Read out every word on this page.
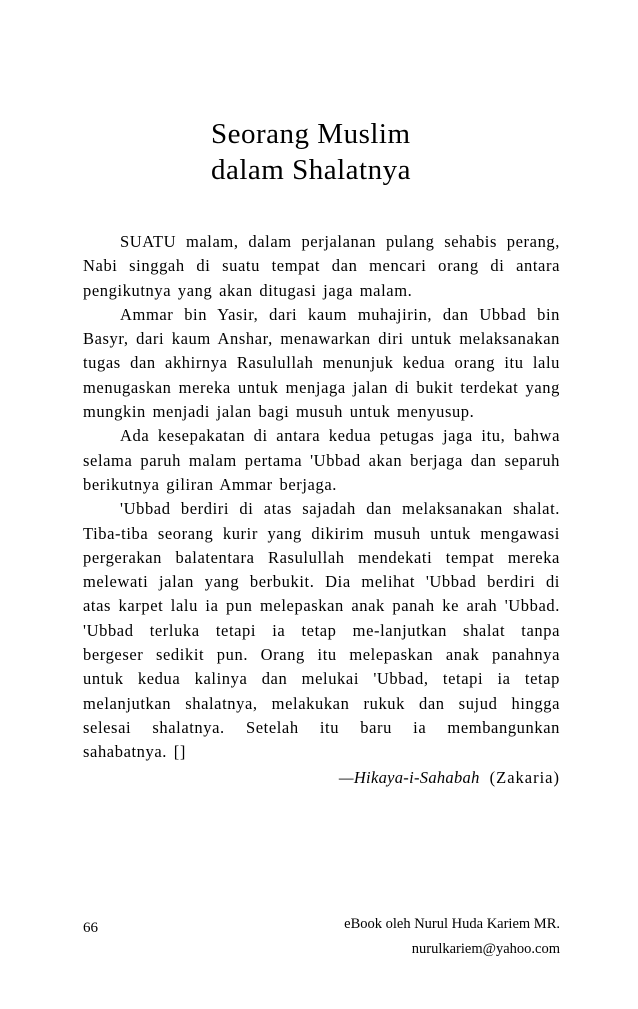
Seorang Muslim
dalam Shalatnya

SUATU malam, dalam perjalanan pulang sehabis perang, Nabi singgah di suatu tempat dan mencari orang di antara pengikutnya yang akan ditugasi jaga malam.

Ammar bin Yasir, dari kaum muhajirin, dan Ubbad bin Basyr, dari kaum Anshar, menawarkan diri untuk melaksanakan tugas dan akhirnya Rasulullah menunjuk kedua orang itu lalu menugaskan mereka untuk menjaga jalan di bukit terdekat yang mungkin menjadi jalan bagi musuh untuk menyusup.

Ada kesepakatan di antara kedua petugas jaga itu, bahwa selama paruh malam pertama 'Ubbad akan berjaga dan separuh berikutnya giliran Ammar berjaga.

'Ubbad berdiri di atas sajadah dan melaksanakan shalat. Tiba-tiba seorang kurir yang dikirim musuh untuk mengawasi pergerakan balatentara Rasulullah mendekati tempat mereka melewati jalan yang berbukit. Dia melihat 'Ubbad berdiri di atas karpet lalu ia pun melepaskan anak panah ke arah 'Ubbad. 'Ubbad terluka tetapi ia tetap me-lanjutkan shalat tanpa bergeser sedikit pun. Orang itu melepaskan anak panahnya untuk kedua kalinya dan melukai 'Ubbad, tetapi ia tetap melanjutkan shalatnya, melakukan rukuk dan sujud hingga selesai shalatnya. Setelah itu baru ia membangunkan sahabatnya. []

—Hikaya-i-Sahabah (Zakaria)
66	eBook oleh Nurul Huda Kariem MR.
nurulkariem@yahoo.com
